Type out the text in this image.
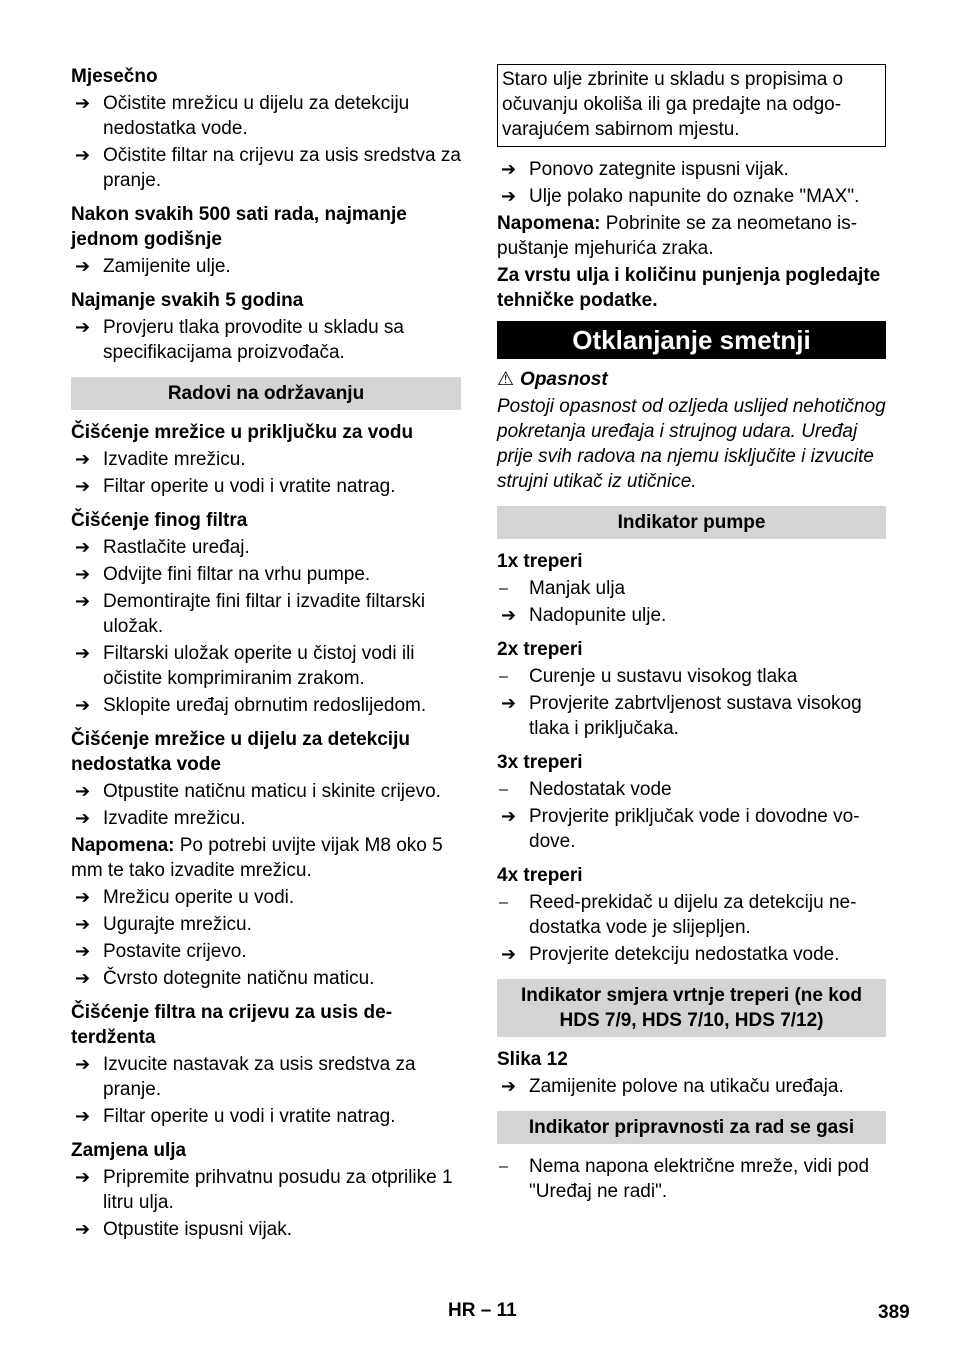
Mjesečno
➔ Očistite mrežicu u dijelu za detekciju nedostatka vode.
➔ Očistite filtar na crijevu za usis sredstva za pranje.
Nakon svakih 500 sati rada, najmanje jednom godišnje
➔ Zamijenite ulje.
Najmanje svakih 5 godina
➔ Provjeru tlaka provodite u skladu sa specifikacijama proizvođača.
Radovi na održavanju
Čišćenje mrežice u priključku za vodu
➔ Izvadite mrežicu.
➔ Filtar operite u vodi i vratite natrag.
Čišćenje finog filtra
➔ Rastlačite uređaj.
➔ Odvijte fini filtar na vrhu pumpe.
➔ Demontirajte fini filtar i izvadite filtarski uložak.
➔ Filtarski uložak operite u čistoj vodi ili očistite komprimiranim zrakom.
➔ Sklopite uređaj obrnutim redoslijedom.
Čišćenje mrežice u dijelu za detekciju nedostatka vode
➔ Otpustite natičnu maticu i skinite crijevo.
➔ Izvadite mrežicu.
Napomena: Po potrebi uvijte vijak M8 oko 5 mm te tako izvadite mrežicu.
➔ Mrežicu operite u vodi.
➔ Ugurajte mrežicu.
➔ Postavite crijevo.
➔ Čvrsto dotegnite natičnu maticu.
Čišćenje filtra na crijevu za usis deterdženta
➔ Izvucite nastavak za usis sredstva za pranje.
➔ Filtar operite u vodi i vratite natrag.
Zamjena ulja
➔ Pripremite prihvatnu posudu za otprilike 1 litru ulja.
➔ Otpustite ispusni vijak.
Staro ulje zbrinite u skladu s propisima o očuvanju okoliša ili ga predajte na odgovarajućem sabirnom mjestu.
➔ Ponovo zategnite ispusni vijak.
➔ Ulje polako napunite do oznake "MAX".
Napomena: Pobrinite se za neometano ispuštanje mjehurića zraka.
Za vrstu ulja i količinu punjenja pogledajte tehničke podatke.
Otklanjanje smetnji
⚠ Opasnost
Postoji opasnost od ozljeda uslijed nehotičnog pokretanja uređaja i strujnog udara. Uređaj prije svih radova na njemu isključite i izvucite strujni utikač iz utičnice.
Indikator pumpe
1x treperi
– Manjak ulja
➔ Nadopunite ulje.
2x treperi
– Curenje u sustavu visokog tlaka
➔ Provjerite zabrtvljenost sustava visokog tlaka i priključaka.
3x treperi
– Nedostatak vode
➔ Provjerite priključak vode i dovodne vodove.
4x treperi
– Reed-prekidač u dijelu za detekciju nedostatka vode je slijepljen.
➔ Provjerite detekciju nedostatka vode.
Indikator smjera vrtnje treperi (ne kod HDS 7/9, HDS 7/10, HDS 7/12)
Slika 12
➔ Zamijenite polove na utikaču uređaja.
Indikator pripravnosti za rad se gasi
– Nema napona električne mreže, vidi pod "Uređaj ne radi".
HR – 11	389
